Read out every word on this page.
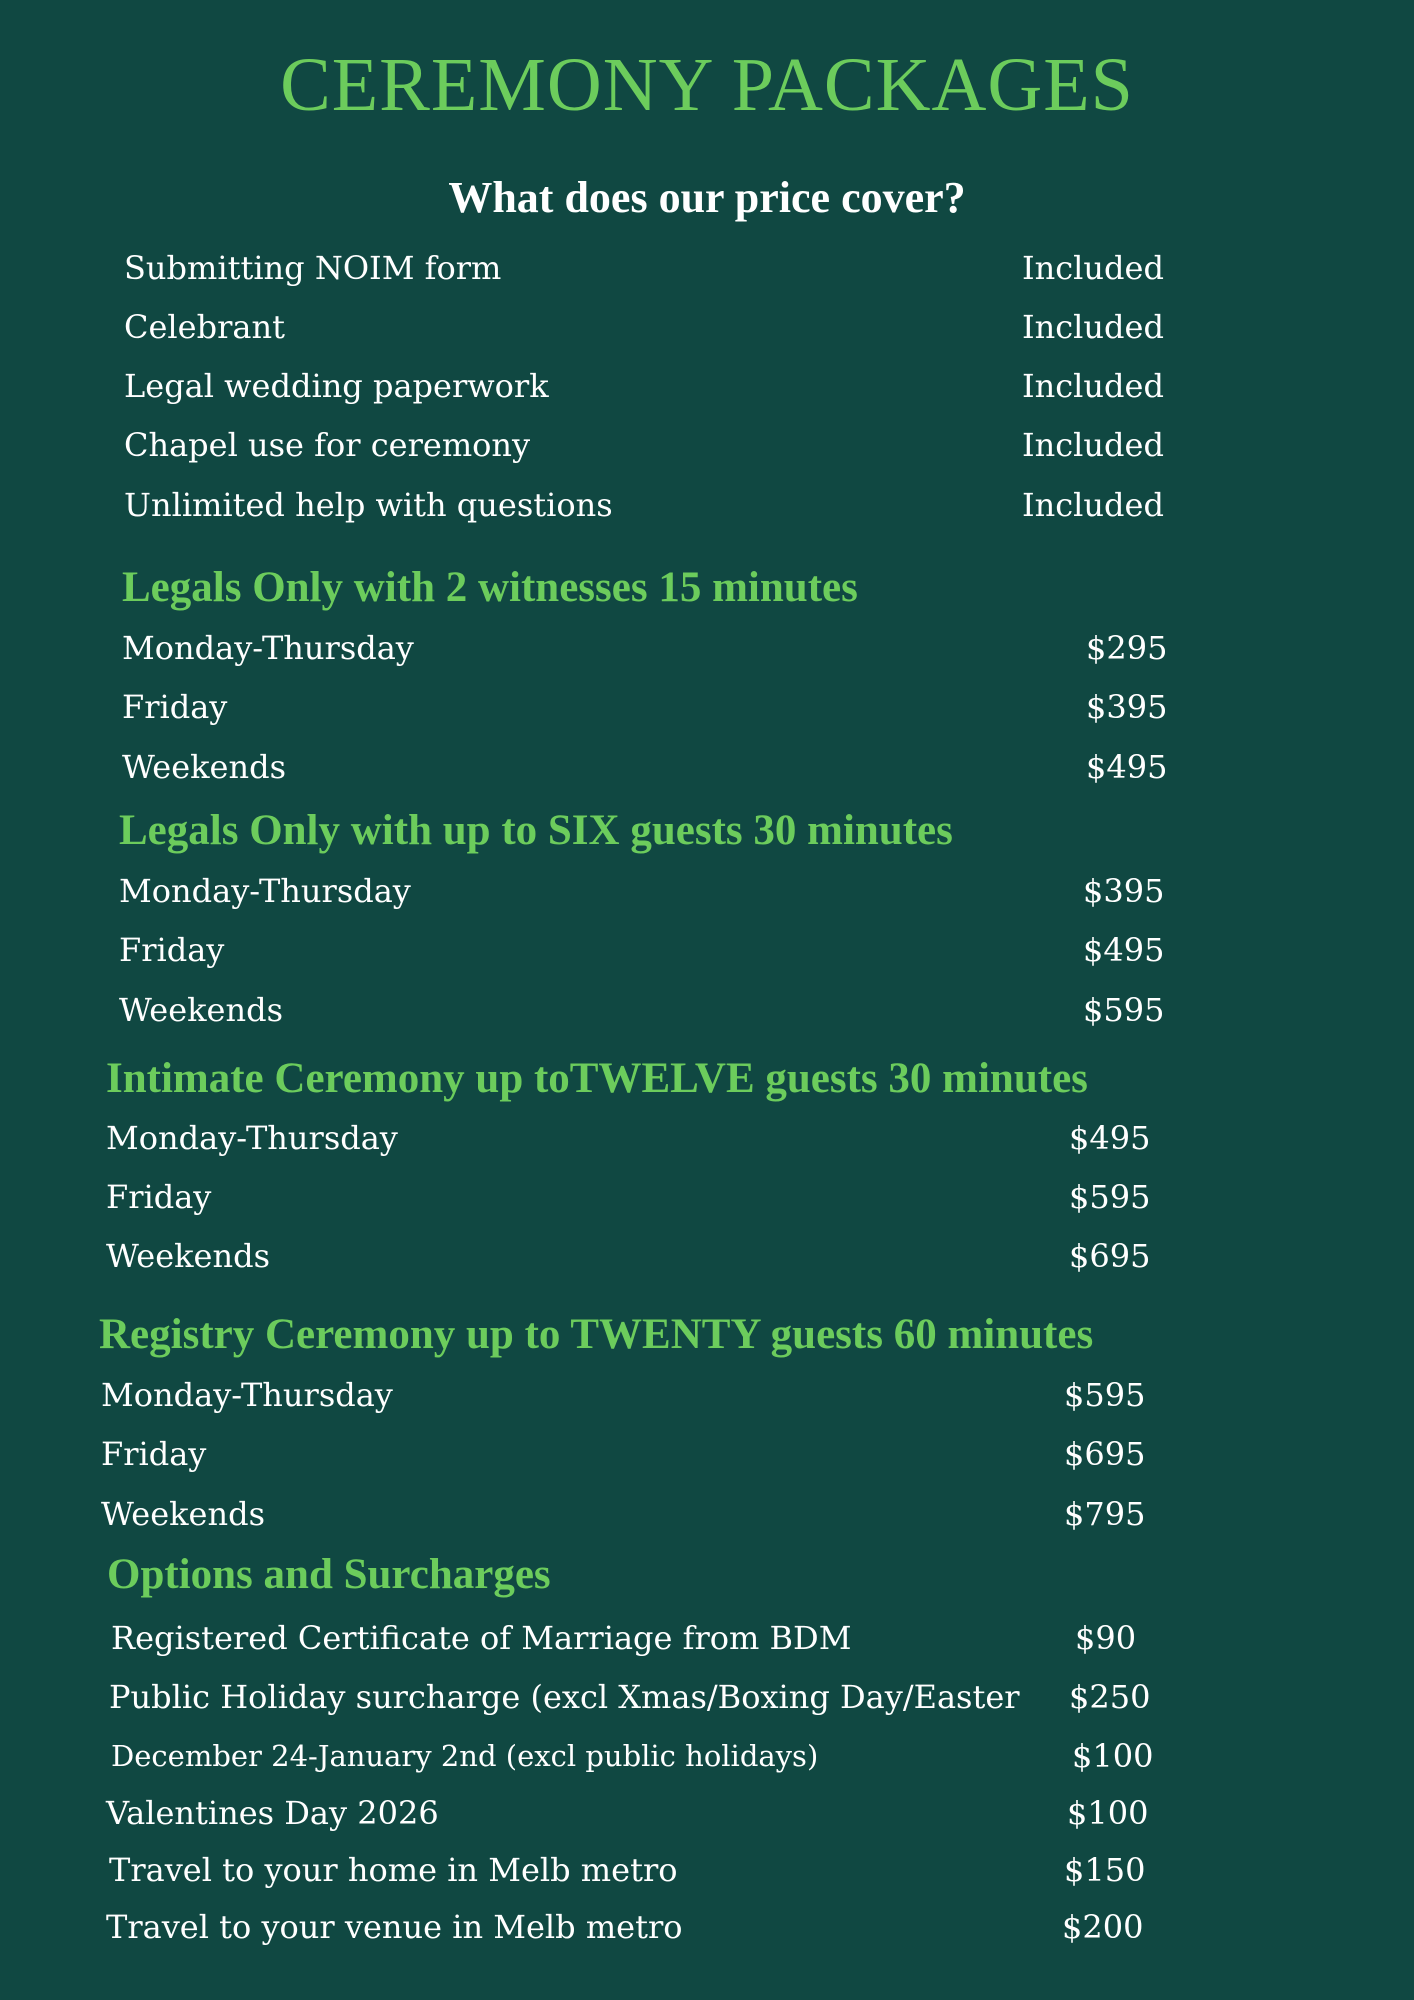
CEREMONY PACKAGES
What does our price cover?
Submitting NOIM form	Included
Celebrant	Included
Legal wedding paperwork	Included
Chapel use for ceremony	Included
Unlimited help with questions	Included
Legals Only with 2 witnesses 15 minutes
Monday-Thursday	$295
Friday	$395
Weekends	$495
Legals Only with up to SIX guests 30 minutes
Monday-Thursday	$395
Friday	$495
Weekends	$595
Intimate Ceremony up toTWELVE guests 30 minutes
Monday-Thursday	$495
Friday	$595
Weekends	$695
Registry Ceremony up to TWENTY guests 60 minutes
Monday-Thursday	$595
Friday	$695
Weekends	$795
Options and Surcharges
Registered Certificate of Marriage from BDM	$90
Public Holiday surcharge (excl Xmas/Boxing Day/Easter $250
December 24-January 2nd (excl public holidays)	$100
Valentines Day 2026	$100
Travel to your home in Melb metro	$150
Travel to your venue in Melb metro	$200
